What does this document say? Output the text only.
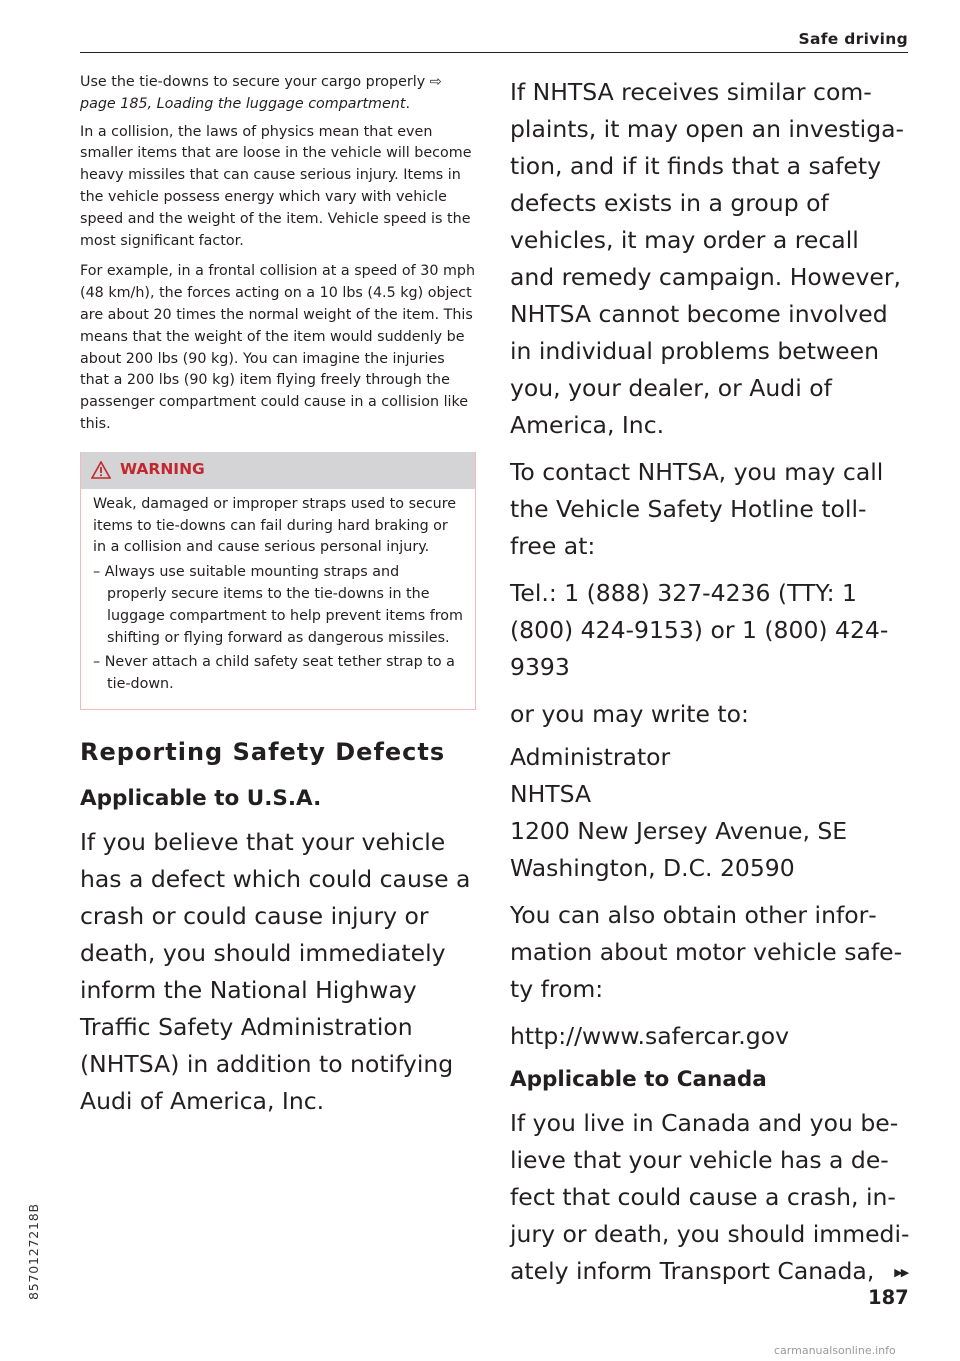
Safe driving

Use the tie-downs to secure your cargo properly ⇨ page 185, Loading the luggage compartment.

In a collision, the laws of physics mean that even smaller items that are loose in the vehicle will become heavy missiles that can cause serious injury. Items in the vehicle possess energy which vary with vehicle speed and the weight of the item. Vehicle speed is the most significant factor.

For example, in a frontal collision at a speed of 30 mph (48 km/h), the forces acting on a 10 lbs (4.5 kg) object are about 20 times the normal weight of the item. This means that the weight of the item would suddenly be about 200 lbs (90 kg). You can imagine the injuries that a 200 lbs (90 kg) item flying freely through the passenger compartment could cause in a collision like this.

WARNING

Weak, damaged or improper straps used to secure items to tie-downs can fail during hard braking or in a collision and cause serious personal injury.

– Always use suitable mounting straps and properly secure items to the tie-downs in the luggage compartment to help prevent items from shifting or flying forward as dangerous missiles.
– Never attach a child safety seat tether strap to a tie-down.
Reporting Safety Defects
Applicable to U.S.A.

If you believe that your vehicle has a defect which could cause a crash or could cause injury or death, you should immediately inform the National Highway Traffic Safety Administration (NHTSA) in addition to notifying Audi of America, Inc.

If NHTSA receives similar complaints, it may open an investigation, and if it finds that a safety defects exists in a group of vehicles, it may order a recall and remedy campaign. However, NHTSA cannot become involved in individual problems between you, your dealer, or Audi of America, Inc.

To contact NHTSA, you may call the Vehicle Safety Hotline toll-free at:

Tel.: 1 (888) 327-4236 (TTY: 1 (800) 424-9153) or 1 (800) 424-9393

or you may write to:

Administrator
NHTSA
1200 New Jersey Avenue, SE
Washington, D.C. 20590

You can also obtain other information about motor vehicle safety from:

http://www.safercar.gov

Applicable to Canada

If you live in Canada and you believe that your vehicle has a defect that could cause a crash, injury or death, you should immediately inform Transport Canada, ▶▶

187
8570127218B
carmanualsonline.info
